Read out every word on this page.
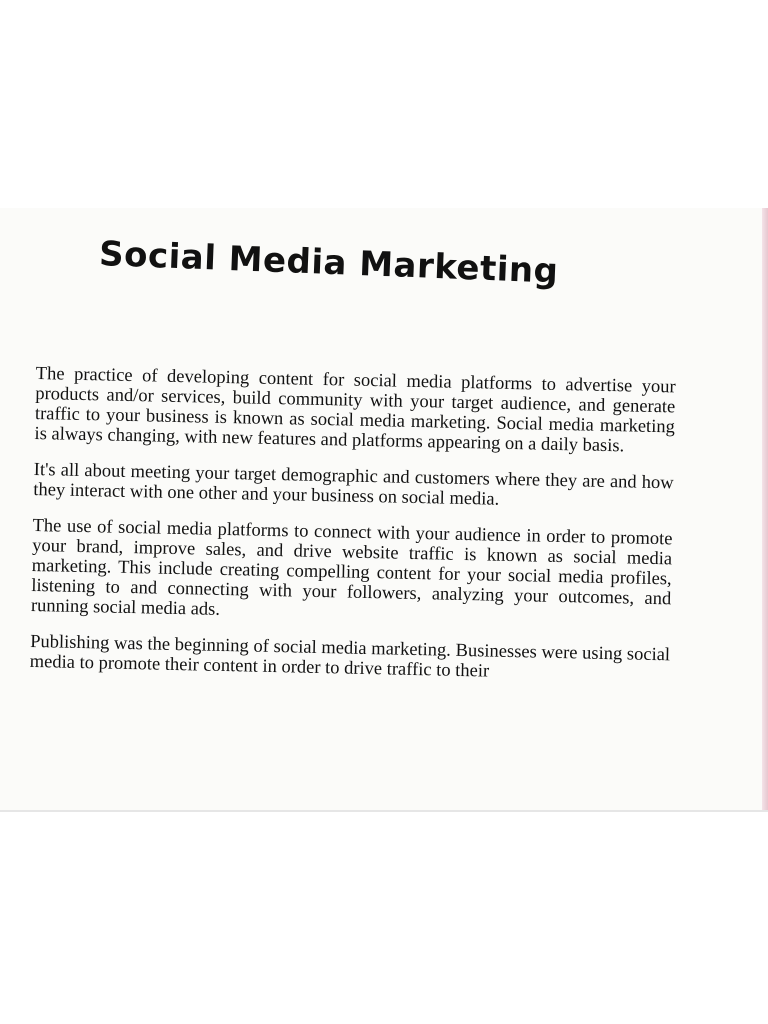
Social Media Marketing

The practice of developing content for social media platforms to advertise your products and/or services, build community with your target audience, and generate traffic to your business is known as social media marketing. Social media marketing is always changing, with new features and platforms appearing on a daily basis.

It's all about meeting your target demographic and customers where they are and how they interact with one other and your business on social media.

The use of social media platforms to connect with your audience in order to promote your brand, improve sales, and drive website traffic is known as social media marketing. This include creating compelling content for your social media profiles, listening to and connecting with your followers, analyzing your outcomes, and running social media ads.

Publishing was the beginning of social media marketing. Businesses were using social media to promote their content in order to drive traffic to their
